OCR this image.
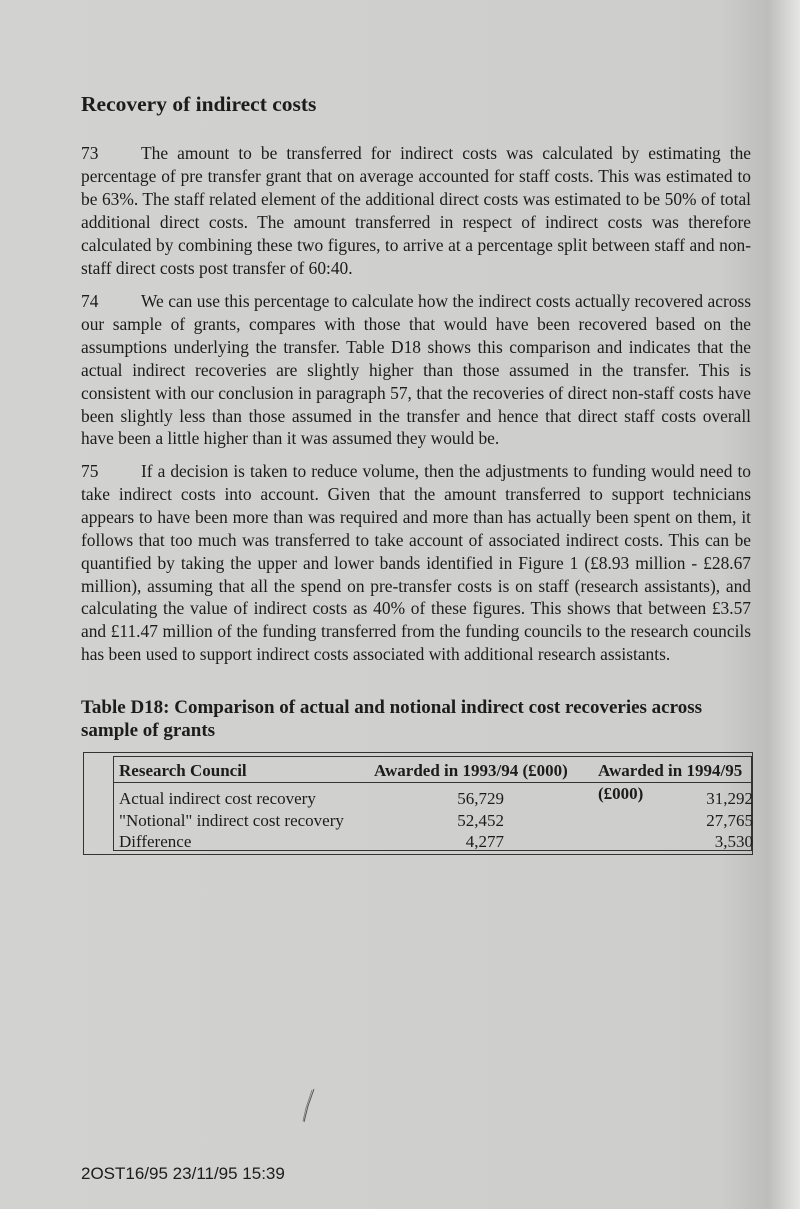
Recovery of indirect costs
73 The amount to be transferred for indirect costs was calculated by estimating the percentage of pre transfer grant that on average accounted for staff costs. This was estimated to be 63%. The staff related element of the additional direct costs was estimated to be 50% of total additional direct costs. The amount transferred in respect of indirect costs was therefore calculated by combining these two figures, to arrive at a percentage split between staff and non-staff direct costs post transfer of 60:40.
74 We can use this percentage to calculate how the indirect costs actually recovered across our sample of grants, compares with those that would have been recovered based on the assumptions underlying the transfer. Table D18 shows this comparison and indicates that the actual indirect recoveries are slightly higher than those assumed in the transfer. This is consistent with our conclusion in paragraph 57, that the recoveries of direct non-staff costs have been slightly less than those assumed in the transfer and hence that direct staff costs overall have been a little higher than it was assumed they would be.
75 If a decision is taken to reduce volume, then the adjustments to funding would need to take indirect costs into account. Given that the amount transferred to support technicians appears to have been more than was required and more than has actually been spent on them, it follows that too much was transferred to take account of associated indirect costs. This can be quantified by taking the upper and lower bands identified in Figure 1 (£8.93 million - £28.67 million), assuming that all the spend on pre-transfer costs is on staff (research assistants), and calculating the value of indirect costs as 40% of these figures. This shows that between £3.57 and £11.47 million of the funding transferred from the funding councils to the research councils has been used to support indirect costs associated with additional research assistants.
Table D18: Comparison of actual and notional indirect cost recoveries across sample of grants
Research Council	Awarded in 1993/94 (£000)	Awarded in 1994/95 (£000)
Actual indirect cost recovery	56,729	31,292
"Notional" indirect cost recovery	52,452	27,765
Difference	4,277	3,530
2OST16/95 23/11/95 15:39
